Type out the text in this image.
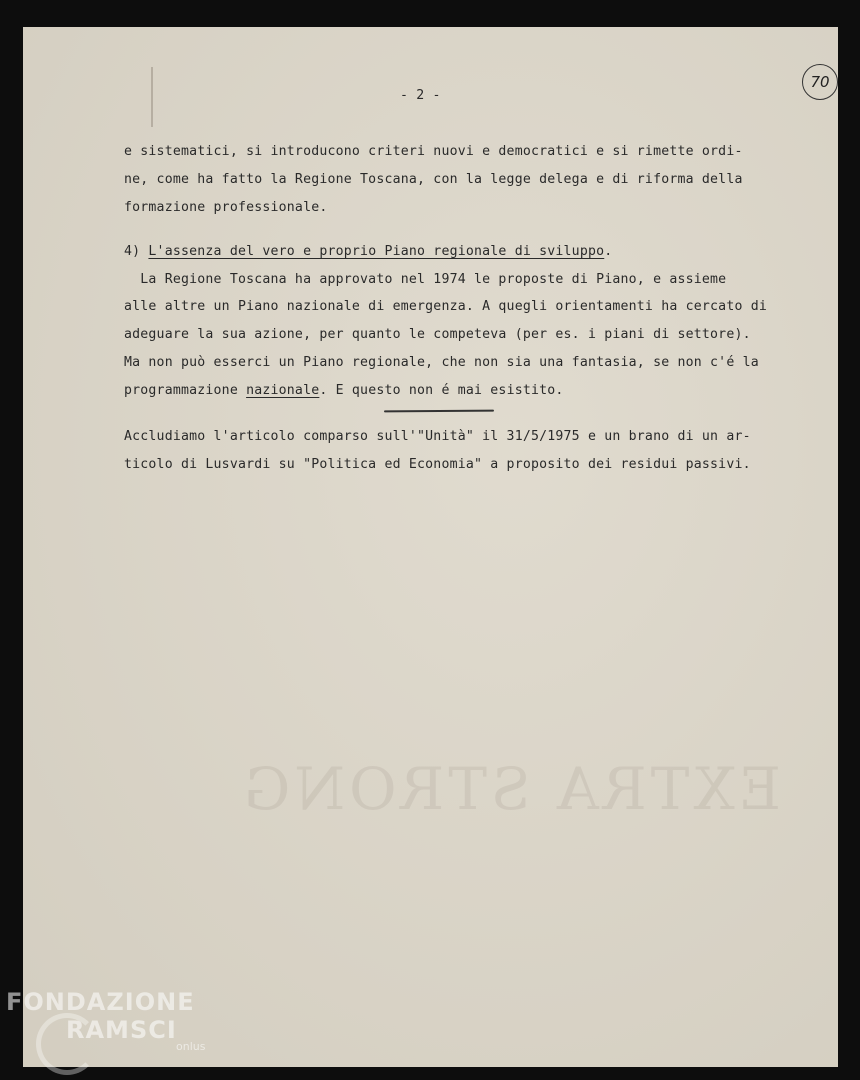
70
- 2 -
e sistematici, si introducono criteri nuovi e democratici e si rimette ordi-
ne, come ha fatto la Regione Toscana, con la legge delega e di riforma della
formazione professionale.
4) L'assenza del vero e proprio Piano regionale di sviluppo.
La Regione Toscana ha approvato nel 1974 le proposte di Piano, e assieme
alle altre un Piano nazionale di emergenza. A quegli orientamenti ha cercato di
adeguare la sua azione, per quanto le competeva (per es. i piani di settore).
Ma non può esserci un Piano regionale, che non sia una fantasia, se non c'é la
programmazione nazionale. E questo non é mai esistito.
Accludiamo l'articolo comparso sull'"Unità" il 31/5/1975 e un brano di un ar-
ticolo di Lusvardi su "Politica ed Economia" a proposito dei residui passivi.
EXTRA STRONG
FONDAZIONE
RAMSCI
onlus
